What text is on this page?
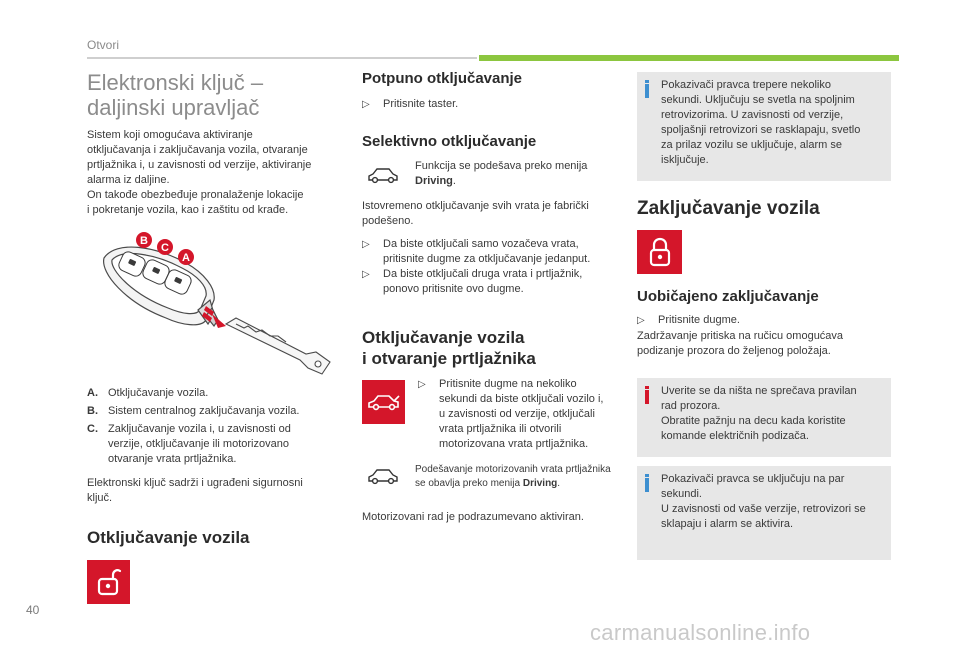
Otvori
Elektronski ključ –
daljinski upravljač
Sistem koji omogućava aktiviranje
otključavanja i zaključavanja vozila, otvaranje
prtljažnika i, u zavisnosti od verzije, aktiviranje
alarma iz daljine.
On takođe obezbeđuje pronalaženje lokacije
i pokretanje vozila, kao i zaštitu od krađe.
B
C
A
A. Otključavanje vozila.
B. Sistem centralnog zaključavanja vozila.
C. Zaključavanje vozila i, u zavisnosti od
verzije, otključavanje ili motorizovano
otvaranje vrata prtljažnika.
Elektronski ključ sadrži i ugrađeni sigurnosni
ključ.
Otključavanje vozila
Potpuno otključavanje
▷	Pritisnite taster.
Selektivno otključavanje
Funkcija se podešava preko menija
Driving.
Istovremeno otključavanje svih vrata je fabrički
podešeno.
▷	Da biste otključali samo vozačeva vrata,
pritisnite dugme za otključavanje jedanput.
▷	Da biste otključali druga vrata i prtljažnik,
ponovo pritisnite ovo dugme.
Otključavanje vozila
i otvaranje prtljažnika
▷	Pritisnite dugme na nekoliko
sekundi da biste otključali vozilo i,
u zavisnosti od verzije, otključali
vrata prtljažnika ili otvorili
motorizovana vrata prtljažnika.
Podešavanje motorizovanih vrata prtljažnika
se obavlja preko menija Driving.
Motorizovani rad je podrazumevano aktiviran.
Pokazivači pravca trepere nekoliko
sekundi. Uključuju se svetla na spoljnim
retrovizorima. U zavisnosti od verzije,
spoljašnji retrovizori se rasklapaju, svetlo
za prilaz vozilu se uključuje, alarm se
isključuje.
Zaključavanje vozila
Uobičajeno zaključavanje
▷	Pritisnite dugme.
Zadržavanje pritiska na ručicu omogućava
podizanje prozora do željenog položaja.
Uverite se da ništa ne sprečava pravilan
rad prozora.
Obratite pažnju na decu kada koristite
komande električnih podizača.
Pokazivači pravca se uključuju na par
sekundi.
U zavisnosti od vaše verzije, retrovizori se
sklapaju i alarm se aktivira.
40
carmanualsonline.info
